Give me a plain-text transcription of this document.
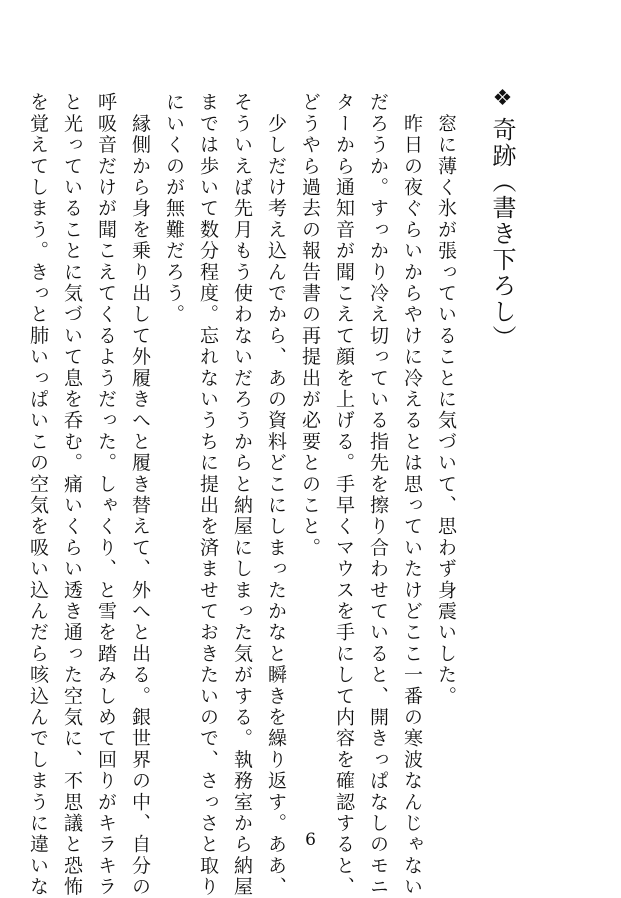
❖奇跡（書き下ろし）
　窓に薄く氷が張っていることに気づいて、思わず身震いした。
　昨日の夜ぐらいからやけに冷えるとは思っていたけどここ一番の寒波なんじゃない
だろうか。すっかり冷え切っている指先を擦り合わせていると、開きっぱなしのモニ
ターから通知音が聞こえて顔を上げる。手早くマウスを手にして内容を確認すると、
どうやら過去の報告書の再提出が必要とのこと。
　少しだけ考え込んでから、あの資料どこにしまったかなと瞬きを繰り返す。ああ、
そういえば先月もう使わないだろうからと納屋にしまった気がする。執務室から納屋
までは歩いて数分程度。忘れないうちに提出を済ませておきたいので、さっさと取り
にいくのが無難だろう。
　縁側から身を乗り出して外履きへと履き替えて、外へと出る。銀世界の中、自分の
呼吸音だけが聞こえてくるようだった。しゃくり、と雪を踏みしめて回りがキラキラ
と光っていることに気づいて息を呑む。痛いくらい透き通った空気に、不思議と恐怖
を覚えてしまう。きっと肺いっぱいこの空気を吸い込んだら咳込んでしまうに違いな	6
